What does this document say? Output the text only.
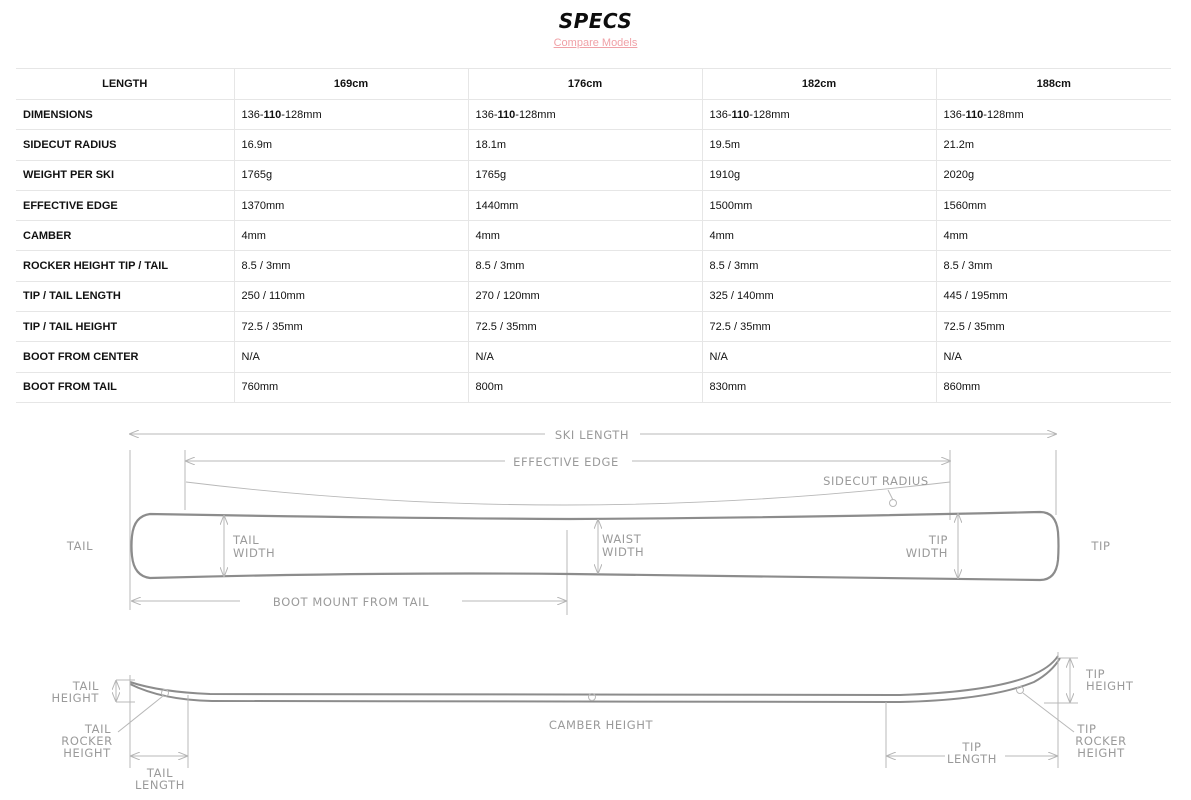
SPECS
Compare Models
LENGTH	169cm	176cm	182cm	188cm
DIMENSIONS	136-110-128mm	136-110-128mm	136-110-128mm	136-110-128mm
SIDECUT RADIUS	16.9m	18.1m	19.5m	21.2m
WEIGHT PER SKI	1765g	1765g	1910g	2020g
EFFECTIVE EDGE	1370mm	1440mm	1500mm	1560mm
CAMBER	4mm	4mm	4mm	4mm
ROCKER HEIGHT TIP / TAIL	8.5 / 3mm	8.5 / 3mm	8.5 / 3mm	8.5 / 3mm
TIP / TAIL LENGTH	250 / 110mm	270 / 120mm	325 / 140mm	445 / 195mm
TIP / TAIL HEIGHT	72.5 / 35mm	72.5 / 35mm	72.5 / 35mm	72.5 / 35mm
BOOT FROM CENTER	N/A	N/A	N/A	N/A
BOOT FROM TAIL	760mm	800m	830mm	860mm
SKI LENGTH
EFFECTIVE EDGE
SIDECUT RADIUS
TAIL	TIP
TAIL
WIDTH
WAIST
WIDTH
TIP
WIDTH
BOOT MOUNT FROM TAIL
TAIL
HEIGHT
TAIL
ROCKER
HEIGHT
TAIL
LENGTH
CAMBER HEIGHT
TIP
HEIGHT
TIP
ROCKER
HEIGHT
TIP
LENGTH
